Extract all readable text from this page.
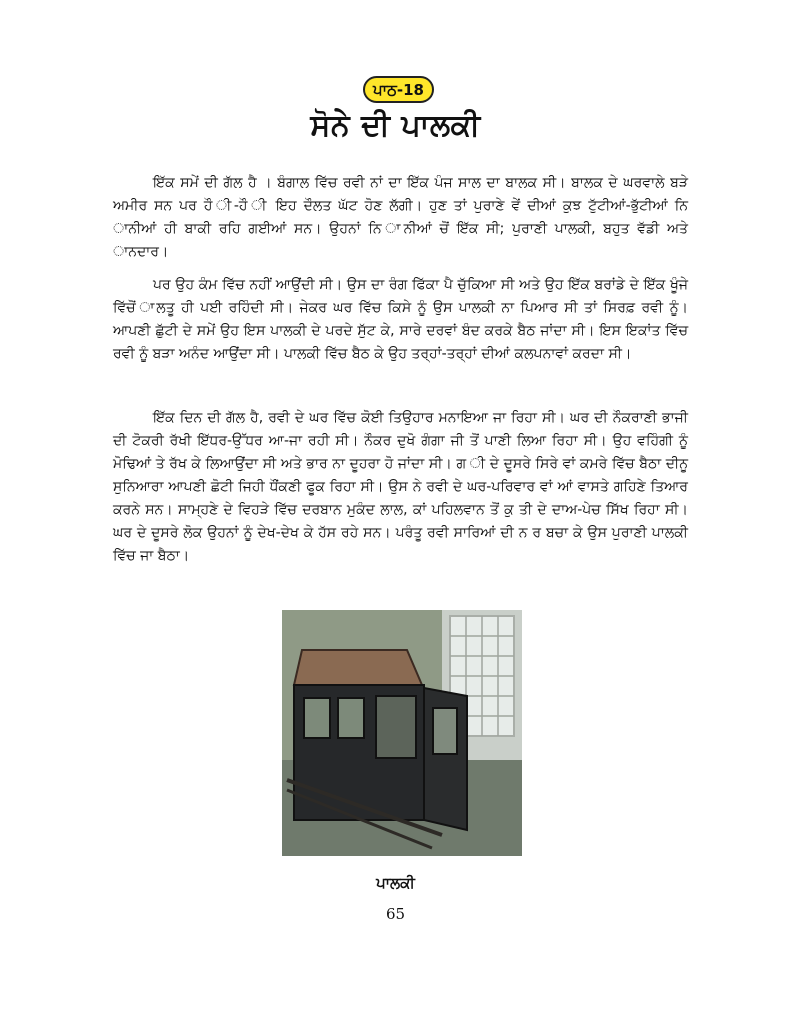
ਪਾਠ-18
ਸੋਨੇ ਦੀ ਪਾਲਕੀ

ਇੱਕ ਸਮੇਂ ਦੀ ਗੱਲ ਹੈ । ਬੰਗਾਲ ਵਿੱਚ ਰਵੀ ਨਾਂ ਦਾ ਇੱਕ ਪੰਜ ਸਾਲ ਦਾ ਬਾਲਕ ਸੀ। ਬਾਲਕ ਦੇ ਘਰਵਾਲੇ ਬੜੇ ਅਮੀਰ ਸਨ ਪਰ ਹੌ ੀ-ਹੌ ੀ ਇਹ ਦੌਲਤ ਘੱਟ ਹੋਣ ਲੱਗੀ। ਹੁਣ ਤਾਂ ਪੁਰਾਣੇ ਵੇਂ ਦੀਆਂ ਕੁਝ ਟੁੱਟੀਆਂ-ਭੁੱਟੀਆਂ ਨਿ ਾਨੀਆਂ ਹੀ ਬਾਕੀ ਰਹਿ ਗਈਆਂ ਸਨ। ਉਹਨਾਂ ਨਿ ਾਨੀਆਂ ਚੋਂ ਇੱਕ ਸੀ; ਪੁਰਾਣੀ ਪਾਲਕੀ, ਬਹੁਤ ਵੱਡੀ ਅਤੇ ਾਨਦਾਰ।

ਪਰ ਉਹ ਕੰਮ ਵਿੱਚ ਨਹੀਂ ਆਉਂਦੀ ਸੀ। ਉਸ ਦਾ ਰੰਗ ਫਿੱਕਾ ਪੈ ਚੁੱਕਿਆ ਸੀ ਅਤੇ ਉਹ ਇੱਕ ਬਰਾਂਡੇ ਦੇ ਇੱਕ ਖੂੰਜੇ ਵਿੱਚੋਂ ਾਲਤੂ ਹੀ ਪਈ ਰਹਿੰਦੀ ਸੀ। ਜੇਕਰ ਘਰ ਵਿੱਚ ਕਿਸੇ ਨੂੰ ਉਸ ਪਾਲਕੀ ਨਾ ਪਿਆਰ ਸੀ ਤਾਂ ਸਿਰਫ਼ ਰਵੀ ਨੂੰ। ਆਪਣੀ ਛੁੱਟੀ ਦੇ ਸਮੇਂ ਉਹ ਇਸ ਪਾਲਕੀ ਦੇ ਪਰਦੇ ਸੁੱਟ ਕੇ, ਸਾਰੇ ਦਰਵਾਂ ਬੰਦ ਕਰਕੇ ਬੈਠ ਜਾਂਦਾ ਸੀ। ਇਸ ਇਕਾਂਤ ਵਿੱਚ ਰਵੀ ਨੂੰ ਬੜਾ ਅਨੰਦ ਆਉਂਦਾ ਸੀ। ਪਾਲਕੀ ਵਿੱਚ ਬੈਠ ਕੇ ਉਹ ਤਰ੍ਹਾਂ-ਤਰ੍ਹਾਂ ਦੀਆਂ ਕਲਪਨਾਵਾਂ ਕਰਦਾ ਸੀ।

ਇੱਕ ਦਿਨ ਦੀ ਗੱਲ ਹੈ, ਰਵੀ ਦੇ ਘਰ ਵਿੱਚ ਕੋਈ ਤਿਉਹਾਰ ਮਨਾਇਆ ਜਾ ਰਿਹਾ ਸੀ। ਘਰ ਦੀ ਨੌਕਰਾਣੀ ਭਾਜੀ ਦੀ ਟੋਕਰੀ ਰੱਖੀ ਇੱਧਰ-ਉੱਧਰ ਆ-ਜਾ ਰਹੀ ਸੀ। ਨੌਕਰ ਦੁਖੋ ਗੰਗਾ ਜੀ ਤੋਂ ਪਾਣੀ ਲਿਆ ਰਿਹਾ ਸੀ। ਉਹ ਵਹਿੰਗੀ ਨੂੰ ਮੋਢਿਆਂ ਤੇ ਰੱਖ ਕੇ ਲਿਆਉਂਦਾ ਸੀ ਅਤੇ ਭਾਰ ਨਾ ਦੂਹਰਾ ਹੋ ਜਾਂਦਾ ਸੀ। ਗ ੀ ਦੇ ਦੂਸਰੇ ਸਿਰੇ ਵਾਂ ਕਮਰੇ ਵਿੱਚ ਬੈਠਾ ਦੀਨੂ ਸੁਨਿਆਰਾ ਆਪਣੀ ਛੋਟੀ ਜਿਹੀ ਧੌਂਕਣੀ ਫੂਕ ਰਿਹਾ ਸੀ। ਉਸ ਨੇ ਰਵੀ ਦੇ ਘਰ-ਪਰਿਵਾਰ ਵਾਂ ਆਂ ਵਾਸਤੇ ਗਹਿਣੇ ਤਿਆਰ ਕਰਨੇ ਸਨ। ਸਾਮ੍ਹਣੇ ਦੇ ਵਿਹੜੇ ਵਿੱਚ ਦਰਬਾਨ ਮੁਕੰਦ ਲਾਲ, ਕਾਂ ਪਹਿਲਵਾਨ ਤੋਂ ਕੁ ਤੀ ਦੇ ਦਾਅ-ਪੇਚ ਸਿੱਖ ਰਿਹਾ ਸੀ। ਘਰ ਦੇ ਦੂਸਰੇ ਲੋਕ ਉਹਨਾਂ ਨੂੰ ਦੇਖ-ਦੇਖ ਕੇ ਹੱਸ ਰਹੇ ਸਨ। ਪਰੰਤੂ ਰਵੀ ਸਾਰਿਆਂ ਦੀ ਨ ਰ ਬਚਾ ਕੇ ਉਸ ਪੁਰਾਣੀ ਪਾਲਕੀ ਵਿੱਚ ਜਾ ਬੈਠਾ।

ਪਾਲਕੀ
65
